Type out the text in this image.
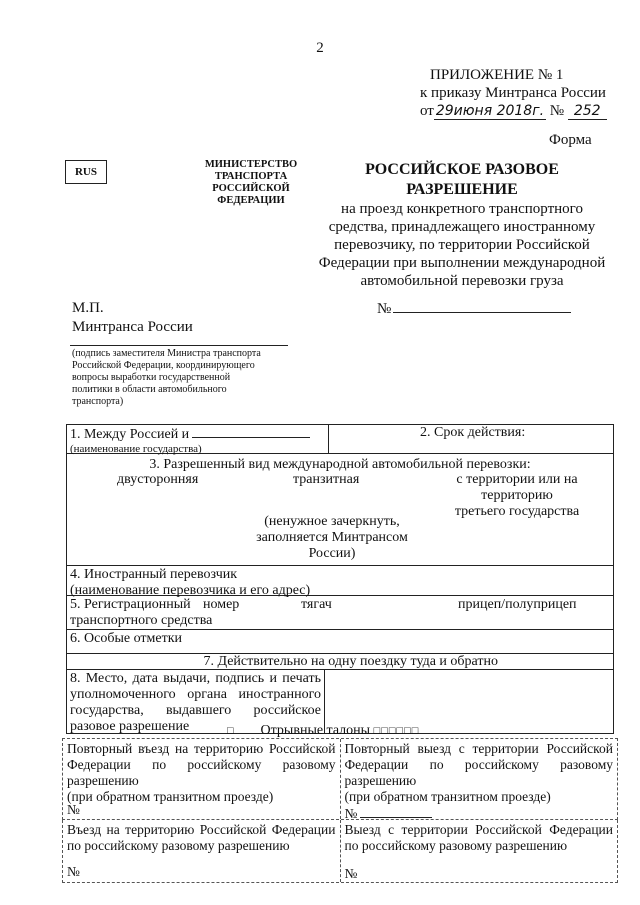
2
ПРИЛОЖЕНИЕ № 1
к приказу Минтранса России
от 29июня 2018г. № 252
Форма
RUS
МИНИСТЕРСТВО
ТРАНСПОРТА
РОССИЙСКОЙ
ФЕДЕРАЦИИ
РОССИЙСКОЕ РАЗОВОЕ РАЗРЕШЕНИЕ
на проезд конкретного транспортного
средства, принадлежащего иностранному
перевозчику, по территории Российской
Федерации при выполнении международной
автомобильной перевозки груза
М.П.
Минтранса России
№
(подпись заместителя Министра транспорта
Российской Федерации, координирующего
вопросы выработки государственной
политики в области автомобильного
транспорта)
1. Между Россией и
(наименование государства)
2. Срок действия:
3. Разрешенный вид международной автомобильной перевозки:
двусторонняя	транзитная	с территории или на территорию
третьего государства
(ненужное зачеркнуть,
заполняется Минтрансом
России)
4. Иностранный перевозчик
(наименование перевозчика и его адрес)
5. Регистрационный номер	тягач	прицеп/полуприцеп
транспортного средства
6. Особые отметки
7. Действительно на одну поездку туда и обратно
8. Место, дата выдачи, подпись и печать уполномоченного органа иностранного государства, выдавшего российское разовое разрешение	□ Отрывные талоны □□□□□□
Повторный въезд на территорию Российской Федерации по российскому разовому разрешению
(при обратном транзитном проезде)
№
Повторный выезд с территории Российской Федерации по российскому разовому разрешению
(при обратном транзитном проезде)
№
Въезд на территорию Российской Федерации по российскому разовому разрешению
№
Выезд с территории Российской Федерации по российскому разовому разрешению
№
